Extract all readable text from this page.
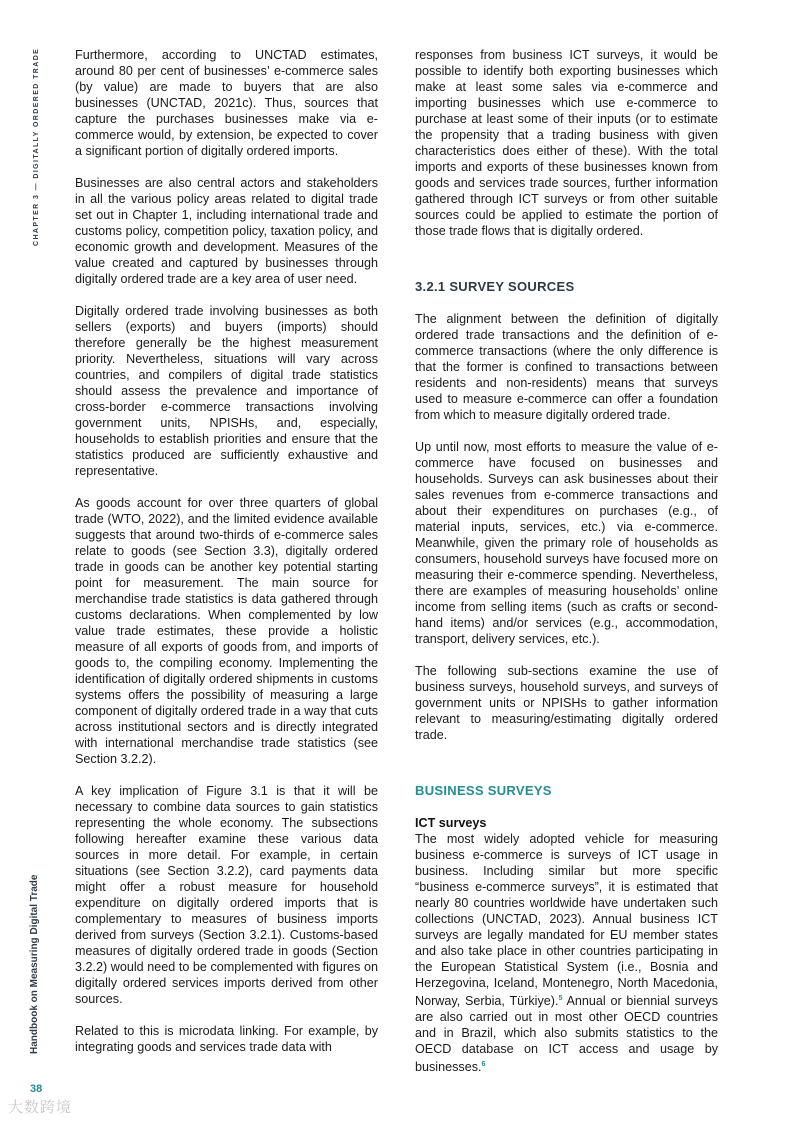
CHAPTER 3 — DIGITALLY ORDERED TRADE
Handbook on Measuring Digital Trade
38
大数跨境

Furthermore, according to UNCTAD estimates, around 80 per cent of businesses’ e-commerce sales (by value) are made to buyers that are also businesses (UNCTAD, 2021c). Thus, sources that capture the purchases businesses make via e-commerce would, by extension, be expected to cover a significant portion of digitally ordered imports.

Businesses are also central actors and stakeholders in all the various policy areas related to digital trade set out in Chapter 1, including international trade and customs policy, competition policy, taxation policy, and economic growth and development. Measures of the value created and captured by businesses through digitally ordered trade are a key area of user need.

Digitally ordered trade involving businesses as both sellers (exports) and buyers (imports) should therefore generally be the highest measurement priority. Nevertheless, situations will vary across countries, and compilers of digital trade statistics should assess the prevalence and importance of cross-border e-commerce transactions involving government units, NPISHs, and, especially, households to establish priorities and ensure that the statistics produced are sufficiently exhaustive and representative.

As goods account for over three quarters of global trade (WTO, 2022), and the limited evidence available suggests that around two-thirds of e-commerce sales relate to goods (see Section 3.3), digitally ordered trade in goods can be another key potential starting point for measurement. The main source for merchandise trade statistics is data gathered through customs declarations. When complemented by low value trade estimates, these provide a holistic measure of all exports of goods from, and imports of goods to, the compiling economy. Implementing the identification of digitally ordered shipments in customs systems offers the possibility of measuring a large component of digitally ordered trade in a way that cuts across institutional sectors and is directly integrated with international merchandise trade statistics (see Section 3.2.2).

A key implication of Figure 3.1 is that it will be necessary to combine data sources to gain statistics representing the whole economy. The subsections following hereafter examine these various data sources in more detail. For example, in certain situations (see Section 3.2.2), card payments data might offer a robust measure for household expenditure on digitally ordered imports that is complementary to measures of business imports derived from surveys (Section 3.2.1). Customs-based measures of digitally ordered trade in goods (Section 3.2.2) would need to be complemented with figures on digitally ordered services imports derived from other sources.

Related to this is microdata linking. For example, by integrating goods and services trade data with

responses from business ICT surveys, it would be possible to identify both exporting businesses which make at least some sales via e-commerce and importing businesses which use e-commerce to purchase at least some of their inputs (or to estimate the propensity that a trading business with given characteristics does either of these). With the total imports and exports of these businesses known from goods and services trade sources, further information gathered through ICT surveys or from other suitable sources could be applied to estimate the portion of those trade flows that is digitally ordered.

3.2.1 SURVEY SOURCES

The alignment between the definition of digitally ordered trade transactions and the definition of e-commerce transactions (where the only difference is that the former is confined to transactions between residents and non-residents) means that surveys used to measure e-commerce can offer a foundation from which to measure digitally ordered trade.

Up until now, most efforts to measure the value of e-commerce have focused on businesses and households. Surveys can ask businesses about their sales revenues from e-commerce transactions and about their expenditures on purchases (e.g., of material inputs, services, etc.) via e-commerce. Meanwhile, given the primary role of households as consumers, household surveys have focused more on measuring their e-commerce spending. Nevertheless, there are examples of measuring households’ online income from selling items (such as crafts or second-hand items) and/or services (e.g., accommodation, transport, delivery services, etc.).

The following sub-sections examine the use of business surveys, household surveys, and surveys of government units or NPISHs to gather information relevant to measuring/estimating digitally ordered trade.

BUSINESS SURVEYS
ICT surveys

The most widely adopted vehicle for measuring business e-commerce is surveys of ICT usage in business. Including similar but more specific “business e-commerce surveys”, it is estimated that nearly 80 countries worldwide have undertaken such collections (UNCTAD, 2023). Annual business ICT surveys are legally mandated for EU member states and also take place in other countries participating in the European Statistical System (i.e., Bosnia and Herzegovina, Iceland, Montenegro, North Macedonia, Norway, Serbia, Türkiye).$^5$ Annual or biennial surveys are also carried out in most other OECD countries and in Brazil, which also submits statistics to the OECD database on ICT access and usage by businesses.$^6$
